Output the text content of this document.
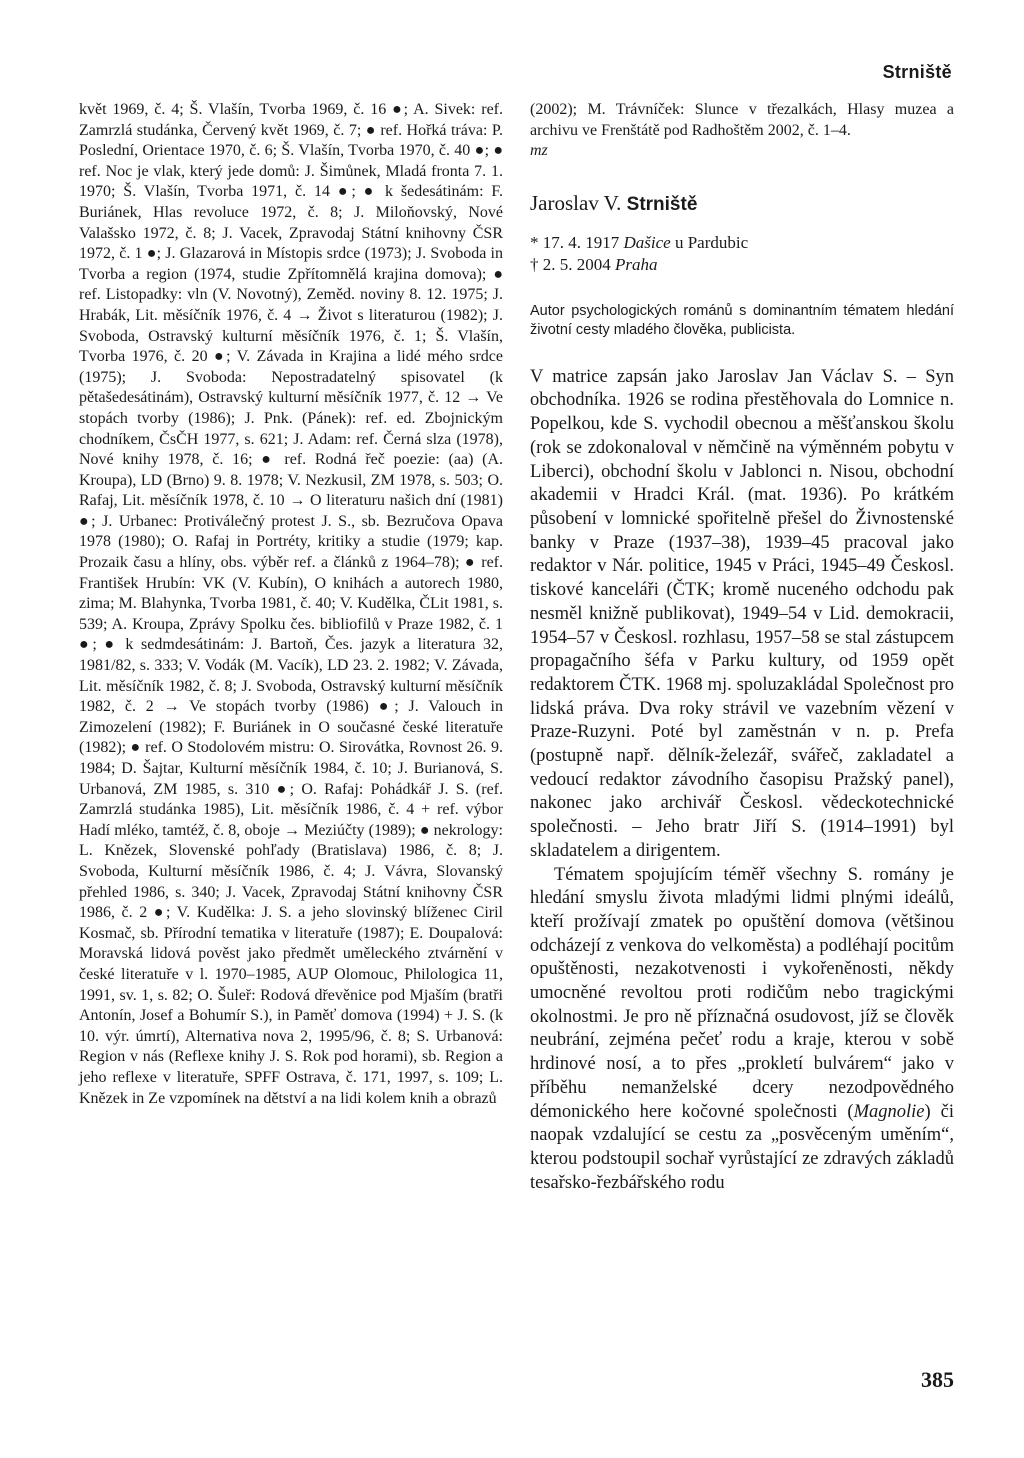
Strniště

květ 1969, č. 4; Š. Vlašín, Tvorba 1969, č. 16 ●; A. Sivek: ref. Zamrzlá studánka, Červený květ 1969, č. 7; ● ref. Hořká tráva: P. Poslední, Orientace 1970, č. 6; Š. Vlašín, Tvorba 1970, č. 40 ●; ● ref. Noc je vlak, který jede domů: J. Šimůnek, Mladá fronta 7. 1. 1970; Š. Vlašín, Tvorba 1971, č. 14 ●; ● k šedesátinám: F. Buriánek, Hlas revoluce 1972, č. 8; J. Miloňovský, Nové Valašsko 1972, č. 8; J. Vacek, Zpravodaj Státní knihovny ČSR 1972, č. 1 ●; J. Glazarová in Místopis srdce (1973); J. Svoboda in Tvorba a region (1974, studie Zpřítomnělá krajina domova); ● ref. Listopadky: vln (V. Novotný), Zeměd. noviny 8. 12. 1975; J. Hrabák, Lit. měsíčník 1976, č. 4 → Život s literaturou (1982); J. Svoboda, Ostravský kulturní měsíčník 1976, č. 1; Š. Vlašín, Tvorba 1976, č. 20 ●; V. Závada in Krajina a lidé mého srdce (1975); J. Svoboda: Nepostradatelný spisovatel (k pětašedesátinám), Ostravský kulturní měsíčník 1977, č. 12 → Ve stopách tvorby (1986); J. Pnk. (Pánek): ref. ed. Zbojnickým chodníkem, ČsČH 1977, s. 621; J. Adam: ref. Černá slza (1978), Nové knihy 1978, č. 16; ● ref. Rodná řeč poezie: (aa) (A. Kroupa), LD (Brno) 9. 8. 1978; V. Nezkusil, ZM 1978, s. 503; O. Rafaj, Lit. měsíčník 1978, č. 10 → O literaturu našich dní (1981) ●; J. Urbanec: Protiválečný protest J. S., sb. Bezručova Opava 1978 (1980); O. Rafaj in Portréty, kritiky a studie (1979; kap. Prozaik času a hlíny, obs. výběr ref. a článků z 1964–78); ● ref. František Hrubín: VK (V. Kubín), O knihách a autorech 1980, zima; M. Blahynka, Tvorba 1981, č. 40; V. Kudělka, ČLit 1981, s. 539; A. Kroupa, Zprávy Spolku čes. bibliofilů v Praze 1982, č. 1 ●; ● k sedmdesátinám: J. Bartoň, Čes. jazyk a literatura 32, 1981/82, s. 333; V. Vodák (M. Vacík), LD 23. 2. 1982; V. Závada, Lit. měsíčník 1982, č. 8; J. Svoboda, Ostravský kulturní měsíčník 1982, č. 2 → Ve stopách tvorby (1986) ●; J. Valouch in Zimozelení (1982); F. Buriánek in O současné české literatuře (1982); ● ref. O Stodolovém mistru: O. Sirovátka, Rovnost 26. 9. 1984; D. Šajtar, Kulturní měsíčník 1984, č. 10; J. Burianová, S. Urbanová, ZM 1985, s. 310 ●; O. Rafaj: Pohádkář J. S. (ref. Zamrzlá studánka 1985), Lit. měsíčník 1986, č. 4 + ref. výbor Hadí mléko, tamtéž, č. 8, oboje → Meziúčty (1989); ● nekrology: L. Knězek, Slovenské pohľady (Bratislava) 1986, č. 8; J. Svoboda, Kulturní měsíčník 1986, č. 4; J. Vávra, Slovanský přehled 1986, s. 340; J. Vacek, Zpravodaj Státní knihovny ČSR 1986, č. 2 ●; V. Kudělka: J. S. a jeho slovinský blíženec Ciril Kosmač, sb. Přírodní tematika v literatuře (1987); E. Doupalová: Moravská lidová pověst jako předmět uměleckého ztvárnění v české literatuře v l. 1970–1985, AUP Olomouc, Philologica 11, 1991, sv. 1, s. 82; O. Šuleř: Rodová dřevěnice pod Mjaším (bratři Antonín, Josef a Bohumír S.), in Paměť domova (1994) + J. S. (k 10. výr. úmrtí), Alternativa nova 2, 1995/96, č. 8; S. Urbanová: Region v nás (Reflexe knihy J. S. Rok pod horami), sb. Region a jeho reflexe v literatuře, SPFF Ostrava, č. 171, 1997, s. 109; L. Knězek in Ze vzpomínek na dětství a na lidi kolem knih a obrazů

(2002); M. Trávníček: Slunce v třezalkách, Hlasy muzea a archivu ve Frenštátě pod Radhoštěm 2002, č. 1–4.

mz

Jaroslav V. Strniště
* 17. 4. 1917 Dašice u Pardubic
† 2. 5. 2004 Praha
Autor psychologických románů s dominantním tématem hledání životní cesty mladého člověka, publicista.

V matrice zapsán jako Jaroslav Jan Václav S. – Syn obchodníka. 1926 se rodina přestěhovala do Lomnice n. Popelkou, kde S. vychodil obecnou a měšťanskou školu (rok se zdokonaloval v němčině na výměnném pobytu v Liberci), obchodní školu v Jablonci n. Nisou, obchodní akademii v Hradci Král. (mat. 1936). Po krátkém působení v lomnické spořitelně přešel do Živnostenské banky v Praze (1937–38), 1939–45 pracoval jako redaktor v Nár. politice, 1945 v Práci, 1945–49 Českosl. tiskové kanceláři (ČTK; kromě nuceného odchodu pak nesměl knižně publikovat), 1949–54 v Lid. demokracii, 1954–57 v Českosl. rozhlasu, 1957–58 se stal zástupcem propagačního šéfa v Parku kultury, od 1959 opět redaktorem ČTK. 1968 mj. spoluzakládal Společnost pro lidská práva. Dva roky strávil ve vazebním vězení v Praze-Ruzyni. Poté byl zaměstnán v n. p. Prefa (postupně např. dělník-železář, svářeč, zakladatel a vedoucí redaktor závodního časopisu Pražský panel), nakonec jako archivář Českosl. vědeckotechnické společnosti. – Jeho bratr Jiří S. (1914–1991) byl skladatelem a dirigentem.

Tématem spojujícím téměř všechny S. romány je hledání smyslu života mladými lidmi plnými ideálů, kteří prožívají zmatek po opuštění domova (většinou odcházejí z venkova do velkoměsta) a podléhají pocitům opuštěnosti, nezakotvenosti i vykořeněnosti, někdy umocněné revoltou proti rodičům nebo tragickými okolnostmi. Je pro ně příznačná osudovost, jíž se člověk neubrání, zejména pečeť rodu a kraje, kterou v sobě hrdinové nosí, a to přes „prokletí bulvárem“ jako v příběhu nemanželské dcery nezodpovědného démonického here kočovné společnosti (Magnolie) či naopak vzdalující se cestu za „posvěceným uměním“, kterou podstoupil sochař vyrůstající ze zdravých základů tesařsko-řezbářského rodu

385
